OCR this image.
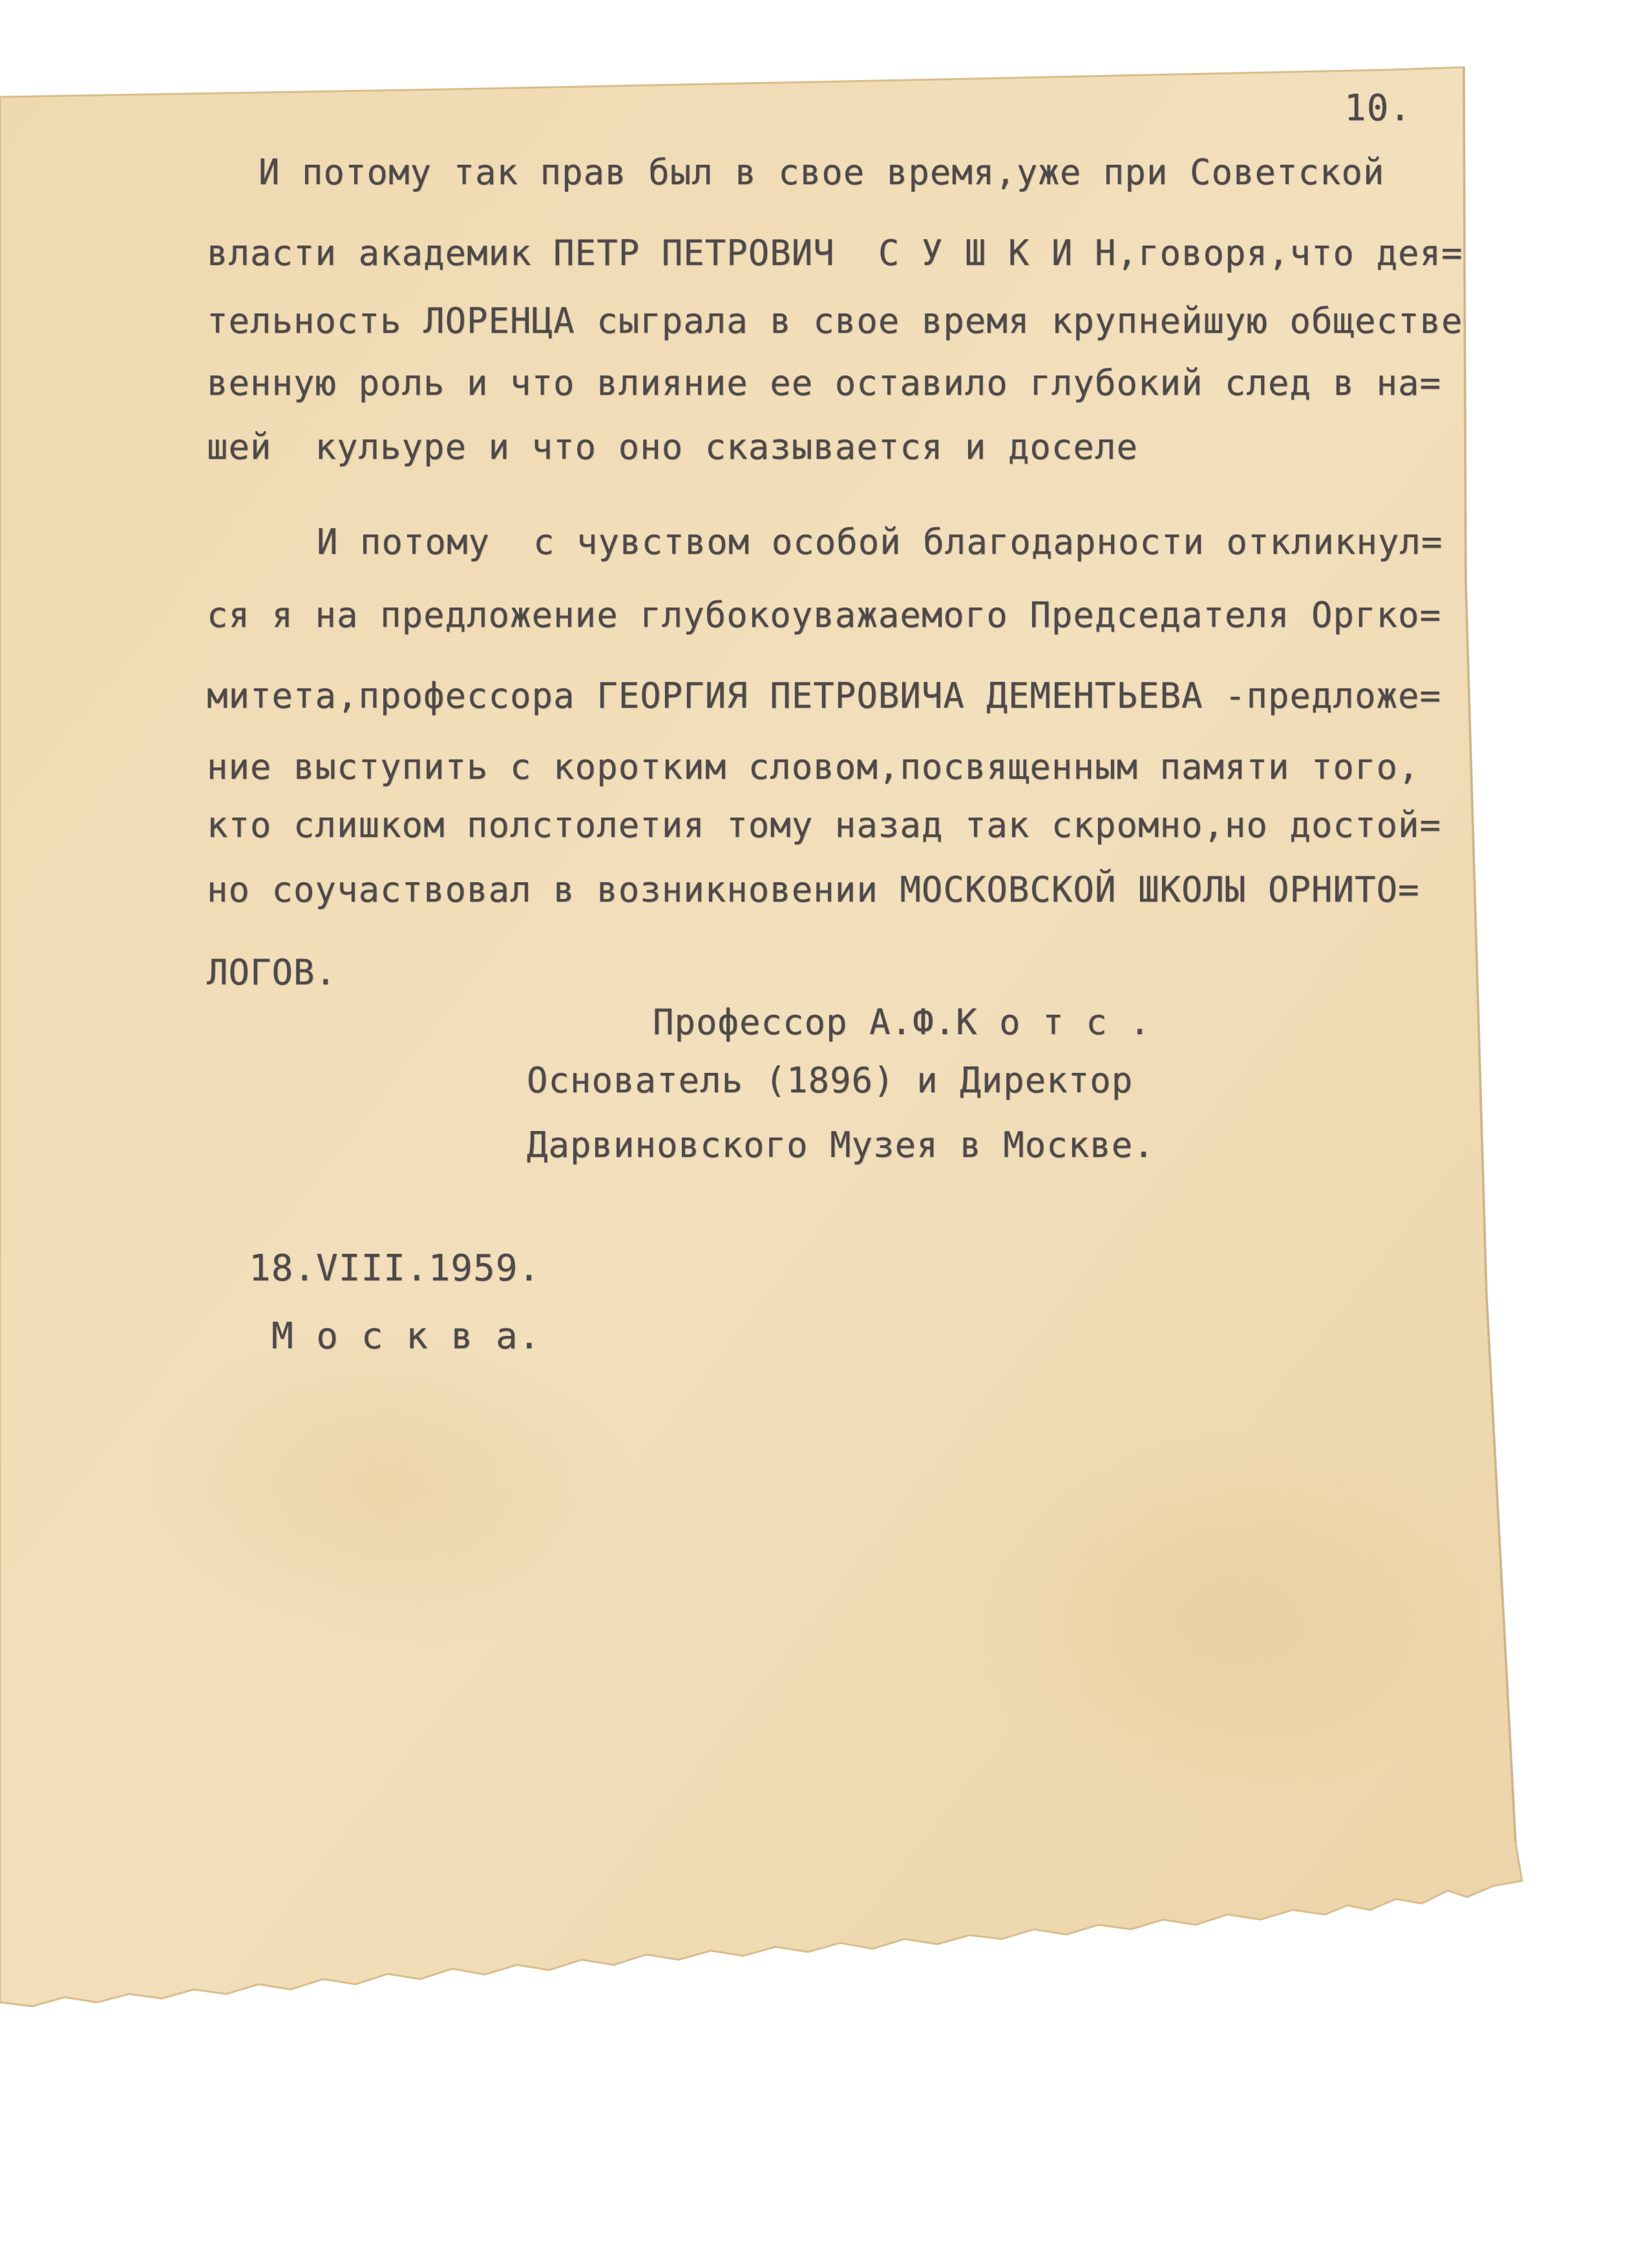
10.

И потому так прав был в свое время,уже при Советской

власти академик ПЕТР ПЕТРОВИЧ  С У Ш К И Н,говоря,что дея=

тельность ЛОРЕНЦА сыграла в свое время крупнейшую обществе

венную роль и что влияние ее оставило глубокий след в на=

шей  кульуре и что оно сказывается и доселе

И потому  с чувством особой благодарности откликнул=

ся я на предложение глубокоуважаемого Председателя Оргко=

митета,профессора ГЕОРГИЯ ПЕТРОВИЧА ДЕМЕНТЬЕВА -предложе=

ние выступить с коротким словом,посвященным памяти того,

кто слишком полстолетия тому назад так скромно,но достой=

но соучаствовал в возникновении МОСКОВСКОЙ ШКОЛЫ ОРНИТО=

ЛОГОВ.

Профессор А.Ф.К о т с .

Основатель (1896) и Директор

Дарвиновского Музея в Москве.

18.VIII.1959.

М о с к в а.
